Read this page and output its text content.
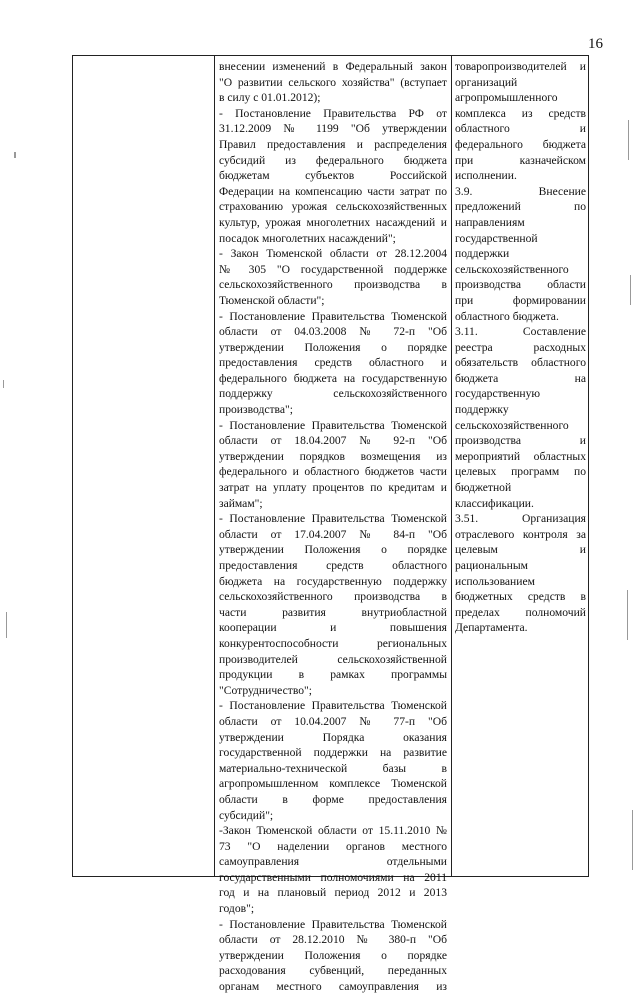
16
внесении изменений в Федеральный закон
"О развитии сельского хозяйства" (вступает
в силу с 01.01.2012);
- Постановление Правительства РФ от
31.12.2009 № 1199 "Об утверждении
Правил предоставления и распределения
субсидий из федерального бюджета
бюджетам субъектов Российской
Федерации на компенсацию части затрат по
страхованию урожая сельскохозяйственных
культур, урожая многолетних насаждений и
посадок многолетних насаждений";
- Закон Тюменской области от 28.12.2004
№ 305 "О государственной поддержке
сельскохозяйственного производства в
Тюменской области";
- Постановление Правительства Тюменской
области от 04.03.2008 № 72-п "Об
утверждении Положения о порядке
предоставления средств областного и
федерального бюджета на государственную
поддержку сельскохозяйственного
производства";
- Постановление Правительства Тюменской
области от 18.04.2007 № 92-п "Об
утверждении порядков возмещения из
федерального и областного бюджетов части
затрат на уплату процентов по кредитам и
займам";
- Постановление Правительства Тюменской
области от 17.04.2007 № 84-п "Об
утверждении Положения о порядке
предоставления средств областного
бюджета на государственную поддержку
сельскохозяйственного производства в
части развития внутриобластной
кооперации и повышения
конкурентоспособности региональных
производителей сельскохозяйственной
продукции в рамках программы
"Сотрудничество";
- Постановление Правительства Тюменской
области от 10.04.2007 № 77-п "Об
утверждении Порядка оказания
государственной поддержки на развитие
материально-технической базы в
агропромышленном комплексе Тюменской
области в форме предоставления
субсидий";
-Закон Тюменской области от 15.11.2010 №
73 "О наделении органов местного
самоуправления отдельными
государственными полномочиями на 2011
год и на плановый период 2012 и 2013
годов";
- Постановление Правительства Тюменской
области от 28.12.2010 № 380-п "Об
утверждении Положения о порядке
расходования субвенций, переданных
органам местного самоуправления из
товаропроизводителей и
организаций
агропромышленного
комплекса из средств
областного и
федерального бюджета
при казначейском
исполнении.
3.9. Внесение
предложений по
направлениям
государственной
поддержки
сельскохозяйственного
производства области
при формировании
областного бюджета.
3.11. Составление
реестра расходных
обязательств областного
бюджета на
государственную
поддержку
сельскохозяйственного
производства и
мероприятий областных
целевых программ по
бюджетной
классификации.
3.51. Организация
отраслевого контроля за
целевым и
рациональным
использованием
бюджетных средств в
пределах полномочий
Департамента.
